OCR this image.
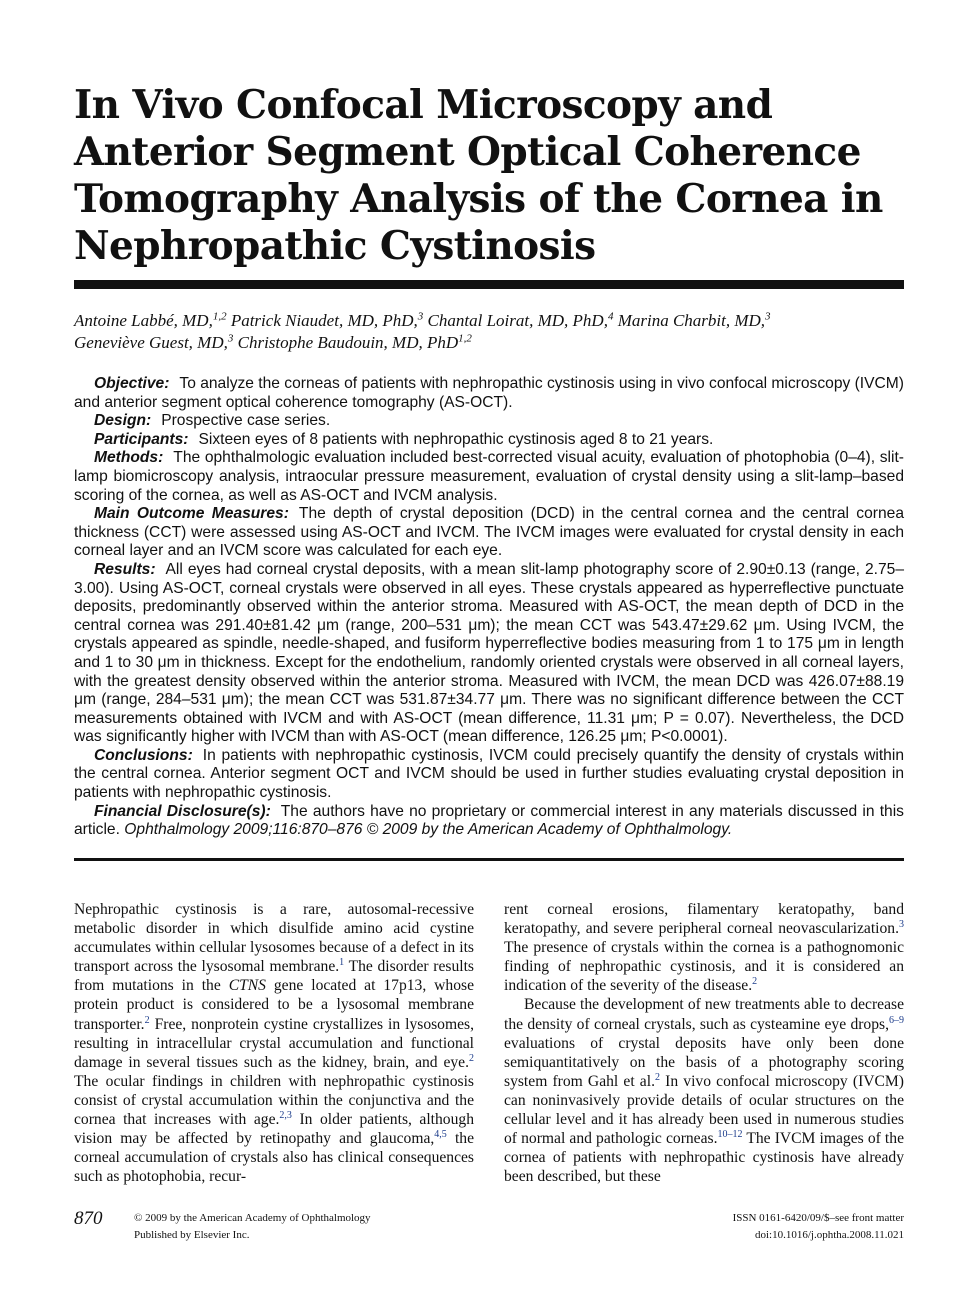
In Vivo Confocal Microscopy and Anterior Segment Optical Coherence Tomography Analysis of the Cornea in Nephropathic Cystinosis
Antoine Labbé, MD,$^{1,2}$ Patrick Niaudet, MD, PhD,$^3$ Chantal Loirat, MD, PhD,$^4$ Marina Charbit, MD,$^3$
Geneviève Guest, MD,$^3$ Christophe Baudouin, MD, PhD$^{1,2}$

Objective: To analyze the corneas of patients with nephropathic cystinosis using in vivo confocal microscopy (IVCM) and anterior segment optical coherence tomography (AS-OCT).

Design: Prospective case series.

Participants: Sixteen eyes of 8 patients with nephropathic cystinosis aged 8 to 21 years.

Methods: The ophthalmologic evaluation included best-corrected visual acuity, evaluation of photophobia (0–4), slit-lamp biomicroscopy analysis, intraocular pressure measurement, evaluation of crystal density using a slit-lamp–based scoring of the cornea, as well as AS-OCT and IVCM analysis.

Main Outcome Measures: The depth of crystal deposition (DCD) in the central cornea and the central cornea thickness (CCT) were assessed using AS-OCT and IVCM. The IVCM images were evaluated for crystal density in each corneal layer and an IVCM score was calculated for each eye.

Results: All eyes had corneal crystal deposits, with a mean slit-lamp photography score of 2.90±0.13 (range, 2.75–3.00). Using AS-OCT, corneal crystals were observed in all eyes. These crystals appeared as hyperreflective punctuate deposits, predominantly observed within the anterior stroma. Measured with AS-OCT, the mean depth of DCD in the central cornea was 291.40±81.42 μm (range, 200–531 μm); the mean CCT was 543.47±29.62 μm. Using IVCM, the crystals appeared as spindle, needle-shaped, and fusiform hyperreflective bodies measuring from 1 to 175 μm in length and 1 to 30 μm in thickness. Except for the endothelium, randomly oriented crystals were observed in all corneal layers, with the greatest density observed within the anterior stroma. Measured with IVCM, the mean DCD was 426.07±88.19 μm (range, 284–531 μm); the mean CCT was 531.87±34.77 μm. There was no significant difference between the CCT measurements obtained with IVCM and with AS-OCT (mean difference, 11.31 μm; P = 0.07). Nevertheless, the DCD was significantly higher with IVCM than with AS-OCT (mean difference, 126.25 μm; P<0.0001).

Conclusions: In patients with nephropathic cystinosis, IVCM could precisely quantify the density of crystals within the central cornea. Anterior segment OCT and IVCM should be used in further studies evaluating crystal deposition in patients with nephropathic cystinosis.

Financial Disclosure(s): The authors have no proprietary or commercial interest in any materials discussed in this article. Ophthalmology 2009;116:870–876 © 2009 by the American Academy of Ophthalmology.

Nephropathic cystinosis is a rare, autosomal-recessive metabolic disorder in which disulfide amino acid cystine accumulates within cellular lysosomes because of a defect in its transport across the lysosomal membrane.$^1$ The disorder results from mutations in the CTNS gene located at 17p13, whose protein product is considered to be a lysosomal membrane transporter.$^2$ Free, nonprotein cystine crystallizes in lysosomes, resulting in intracellular crystal accumulation and functional damage in several tissues such as the kidney, brain, and eye.$^2$ The ocular findings in children with nephropathic cystinosis consist of crystal accumulation within the conjunctiva and the cornea that increases with age.$^{2,3}$ In older patients, although vision may be affected by retinopathy and glaucoma,$^{4,5}$ the corneal accumulation of crystals also has clinical consequences such as photophobia, recur-

rent corneal erosions, filamentary keratopathy, band keratopathy, and severe peripheral corneal neovascularization.$^3$ The presence of crystals within the cornea is a pathognomonic finding of nephropathic cystinosis, and it is considered an indication of the severity of the disease.$^2$

Because the development of new treatments able to decrease the density of corneal crystals, such as cysteamine eye drops,$^{6-9}$ evaluations of crystal deposits have only been done semiquantitatively on the basis of a photography scoring system from Gahl et al.$^2$ In vivo confocal microscopy (IVCM) can noninvasively provide details of ocular structures on the cellular level and it has already been used in numerous studies of normal and pathologic corneas.$^{10-12}$ The IVCM images of the cornea of patients with nephropathic cystinosis have already been described, but these

870	© 2009 by the American Academy of Ophthalmology
Published by Elsevier Inc.
ISSN 0161-6420/09/$–see front matter
doi:10.1016/j.ophtha.2008.11.021
